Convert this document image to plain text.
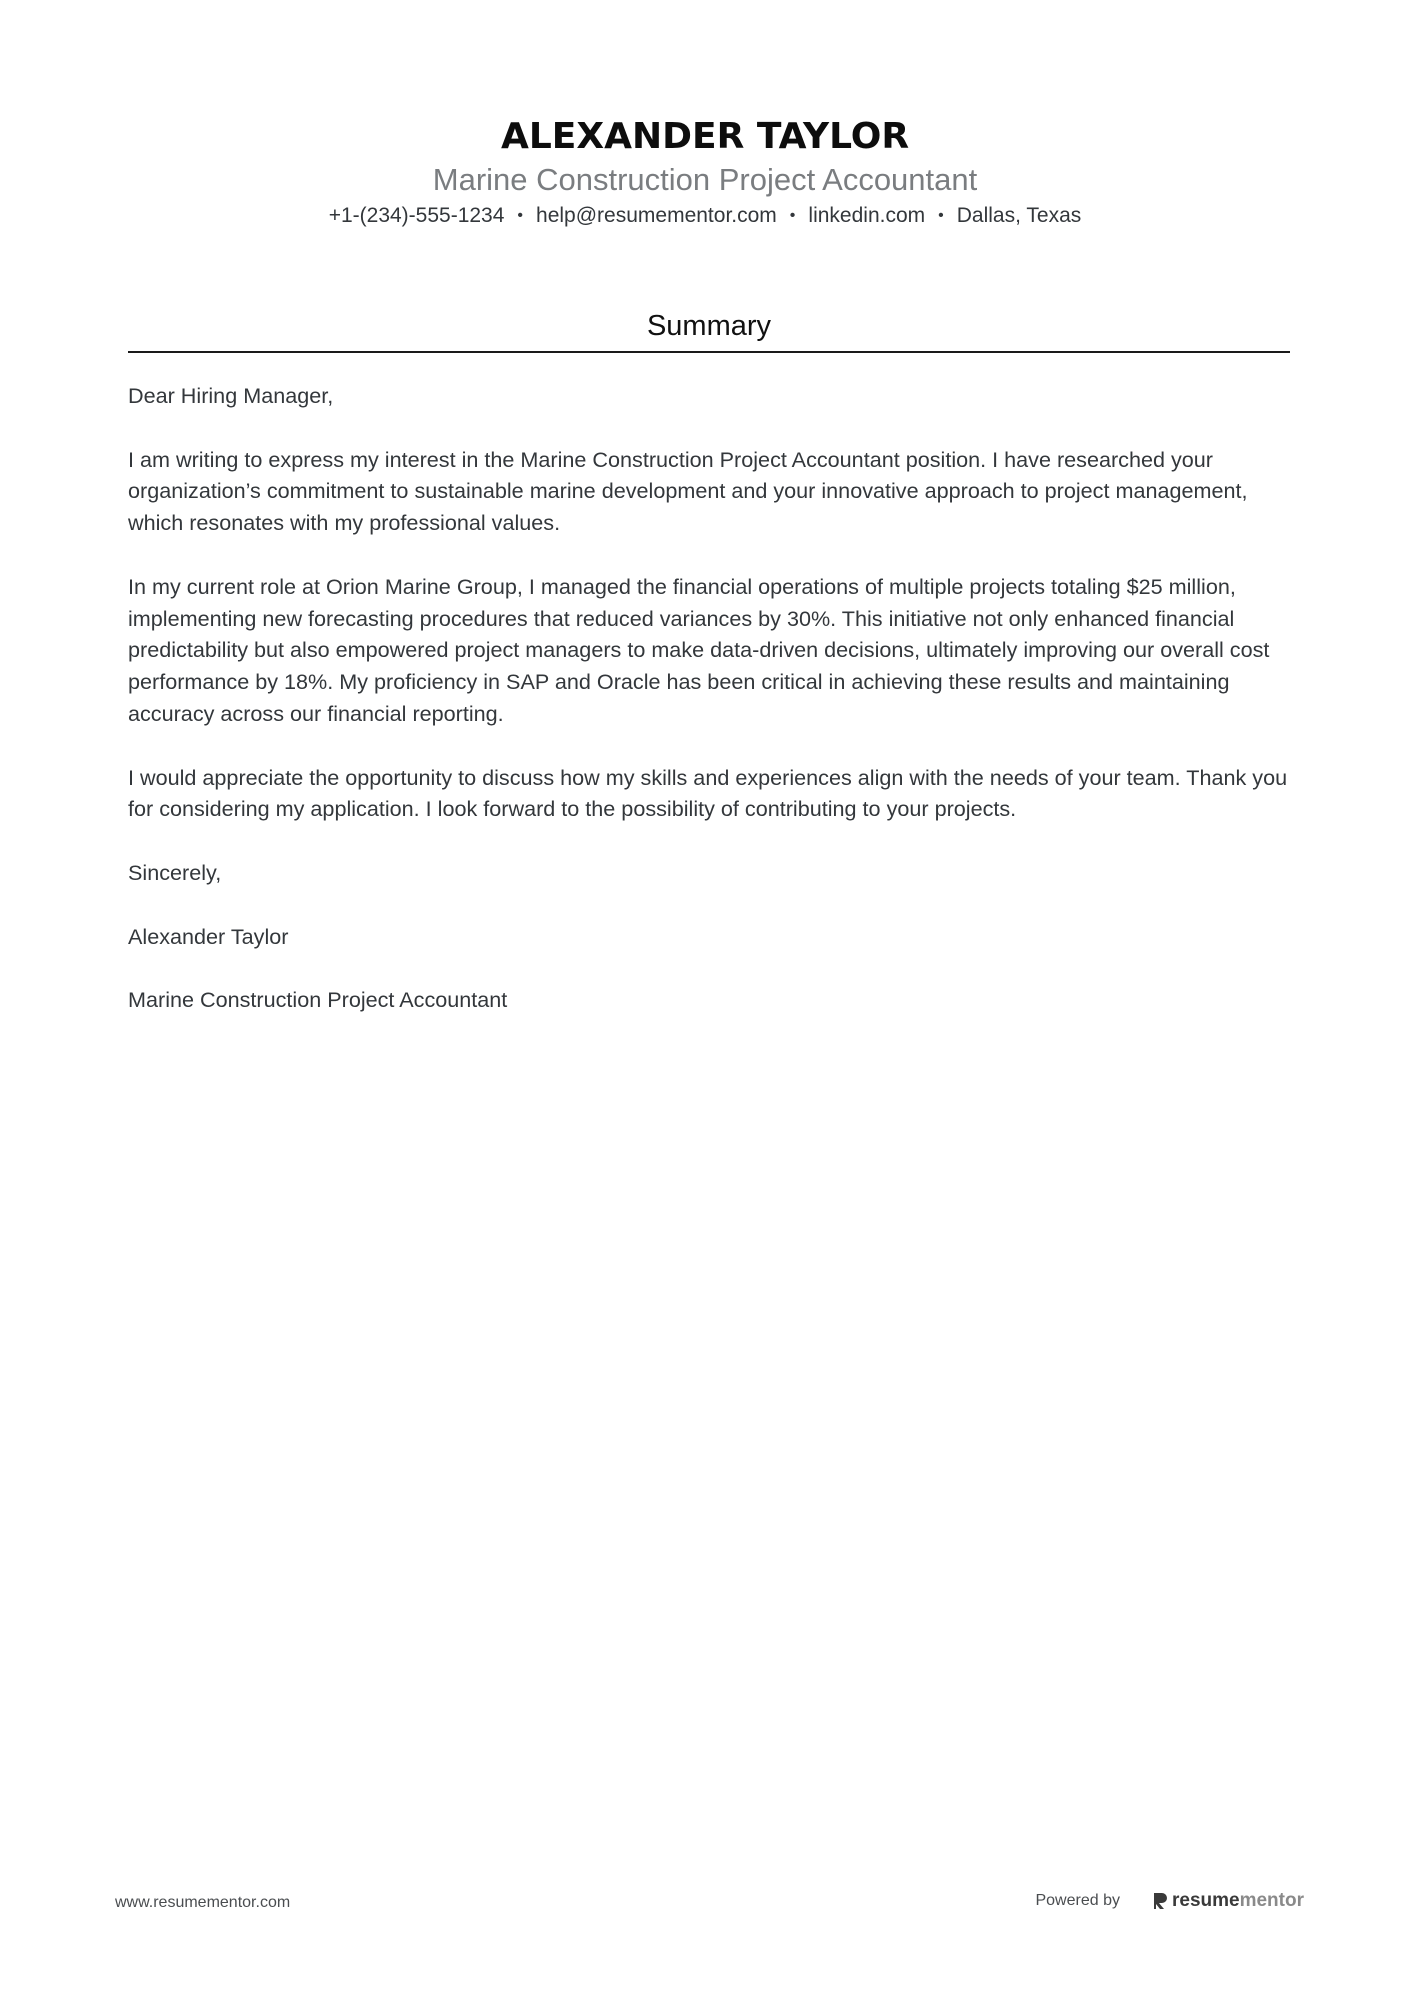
ALEXANDER TAYLOR
Marine Construction Project Accountant
+1-(234)-555-1234 • help@resumementor.com • linkedin.com • Dallas, Texas
Summary

Dear Hiring Manager,

I am writing to express my interest in the Marine Construction Project Accountant position. I have researched your organization’s commitment to sustainable marine development and your innovative approach to project management, which resonates with my professional values.

In my current role at Orion Marine Group, I managed the financial operations of multiple projects totaling $25 million, implementing new forecasting procedures that reduced variances by 30%. This initiative not only enhanced financial predictability but also empowered project managers to make data-driven decisions, ultimately improving our overall cost performance by 18%. My proficiency in SAP and Oracle has been critical in achieving these results and maintaining accuracy across our financial reporting.

I would appreciate the opportunity to discuss how my skills and experiences align with the needs of your team. Thank you for considering my application. I look forward to the possibility of contributing to your projects.

Sincerely,

Alexander Taylor

Marine Construction Project Accountant

www.resumementor.com	Powered by	resume mentor
